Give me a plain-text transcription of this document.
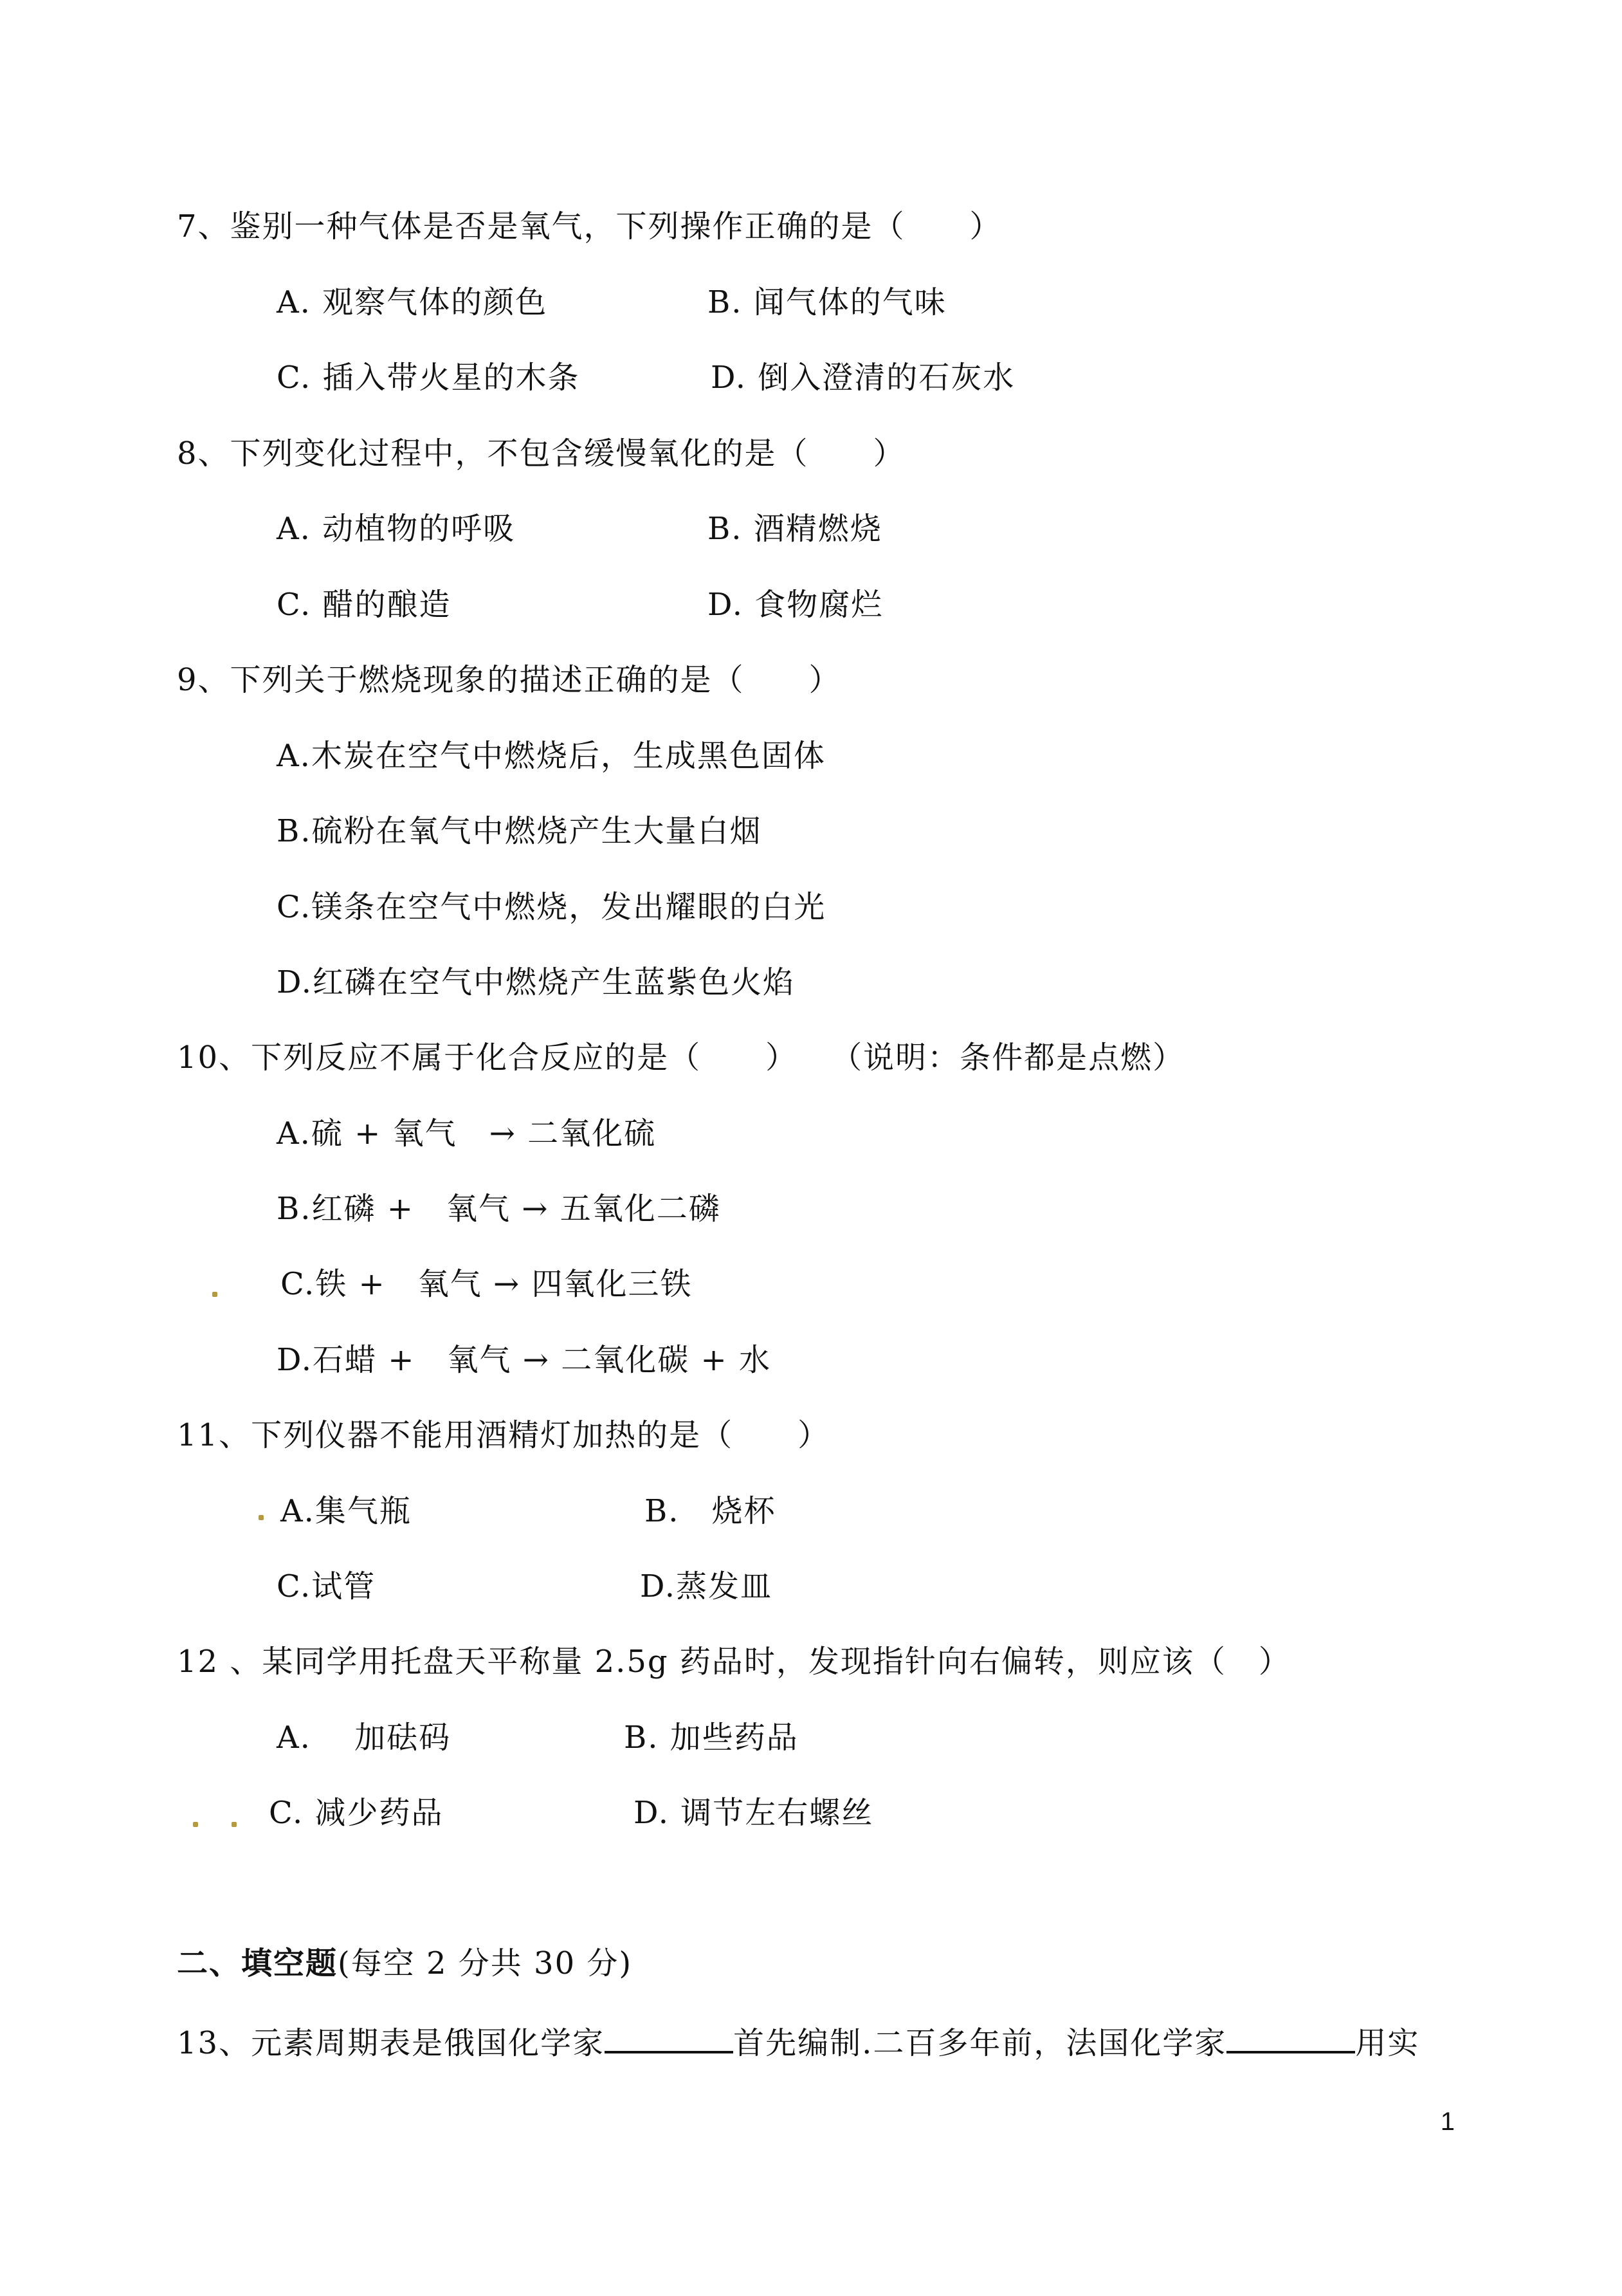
7、鉴别一种气体是否是氧气，下列操作正确的是（　　）
A. 观察气体的颜色	B. 闻气体的气味
C. 插入带火星的木条	D. 倒入澄清的石灰水
8、下列变化过程中，不包含缓慢氧化的是（　　）
A. 动植物的呼吸	B. 酒精燃烧
C. 醋的酿造	D. 食物腐烂
9、下列关于燃烧现象的描述正确的是（　　）
A.木炭在空气中燃烧后，生成黑色固体
B.硫粉在氧气中燃烧产生大量白烟
C.镁条在空气中燃烧，发出耀眼的白光
D.红磷在空气中燃烧产生蓝紫色火焰
10、下列反应不属于化合反应的是（　　）　　（说明：条件都是点燃）
A.硫 + 氧气　→ 二氧化硫
B.红磷 +　氧气 → 五氧化二磷
C.铁 +　氧气 → 四氧化三铁
D.石蜡 +　氧气 → 二氧化碳 + 水
11、下列仪器不能用酒精灯加热的是（　　）
A.集气瓶	B.　烧杯
C.试管	D.蒸发皿
12 、某同学用托盘天平称量 2.5g 药品时，发现指针向右偏转，则应该（　）
A.　 加砝码	B. 加些药品
C. 减少药品	D. 调节左右螺丝
二、填空题(每空 2 分共 30 分)
13、元素周期表是俄国化学家	首先编制.二百多年前，法国化学家	用实
1
